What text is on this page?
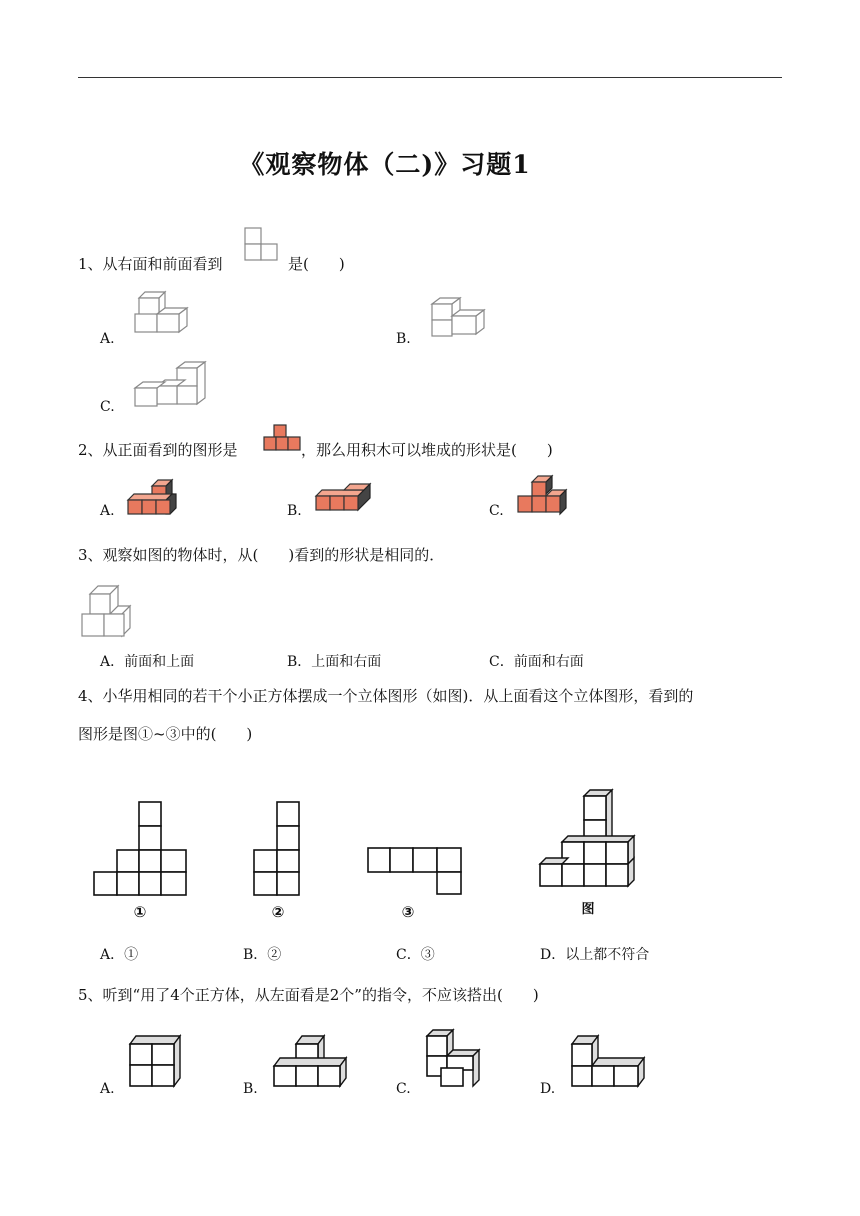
《观察物体（二)》习题1
1、从右面和前面看到	是(　　)
A.	B.
C.
2、从正面看到的图形是	，那么用积木可以堆成的形状是(　　)
A.	B.	C.
3、观察如图的物体时，从(　　)看到的形状是相同的．
A．前面和上面	B．上面和右面	C．前面和右面
4、小华用相同的若干个小正方体摆成一个立体图形（如图)．从上面看这个立体图形，看到的
图形是图①~③中的(　　)
①	②	③	图
A．①	B．②	C．③	D．以上都不符合
5、听到“用了4个正方体，从左面看是2个”的指令，不应该搭出(　　)
A.	B.	C.	D.
